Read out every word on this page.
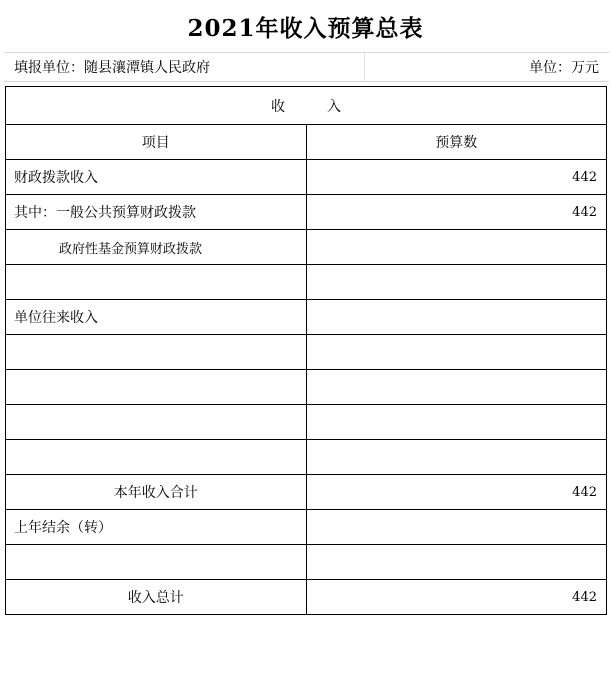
2021年收入预算总表
填报单位：随县瀼潭镇人民政府	单位：万元
收　　　入	
项目	预算数
财政拨款收入	442
其中：一般公共预算财政拨款	442
政府性基金预算财政拨款	

单位往来收入	

本年收入合计	442
上年结余（转）	

收入总计	442
